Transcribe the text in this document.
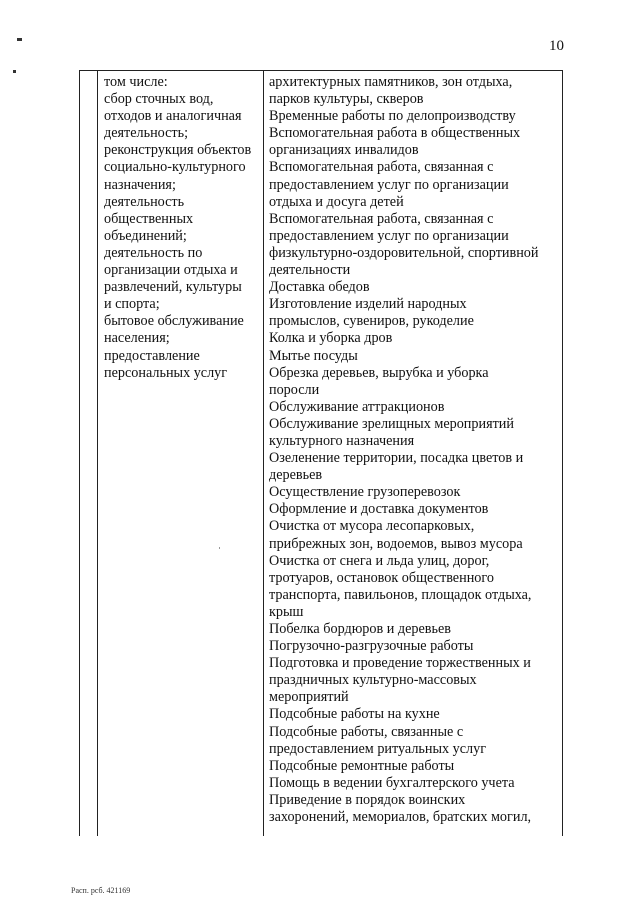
10
том числе:
сбор сточных вод,
отходов и аналогичная
деятельность;
реконструкция объектов
социально-культурного
назначения;
деятельность
общественных
объединений;
деятельность по
организации отдыха и
развлечений, культуры
и спорта;
бытовое обслуживание
населения;
предоставление
персональных услуг
архитектурных памятников, зон отдыха,
парков культуры, скверов
Временные работы по делопроизводству
Вспомогательная работа в общественных
организациях инвалидов
Вспомогательная работа, связанная с
предоставлением услуг по организации
отдыха и досуга детей
Вспомогательная работа, связанная с
предоставлением услуг по организации
физкультурно-оздоровительной, спортивной
деятельности
Доставка обедов
Изготовление изделий народных
промыслов, сувениров, рукоделие
Колка и уборка дров
Мытье посуды
Обрезка деревьев, вырубка и уборка
поросли
Обслуживание аттракционов
Обслуживание зрелищных мероприятий
культурного назначения
Озеленение территории, посадка цветов и
деревьев
Осуществление грузоперевозок
Оформление и доставка документов
Очистка от мусора лесопарковых,
прибрежных зон, водоемов, вывоз мусора
Очистка от снега и льда улиц, дорог,
тротуаров, остановок общественного
транспорта, павильонов, площадок отдыха,
крыш
Побелка бордюров и деревьев
Погрузочно-разгрузочные работы
Подготовка и проведение торжественных и
праздничных культурно-массовых
мероприятий
Подсобные работы на кухне
Подсобные работы, связанные с
предоставлением ритуальных услуг
Подсобные ремонтные работы
Помощь в ведении бухгалтерского учета
Приведение в порядок воинских
захоронений, мемориалов, братских могил,
Расп. рсб. 421169
